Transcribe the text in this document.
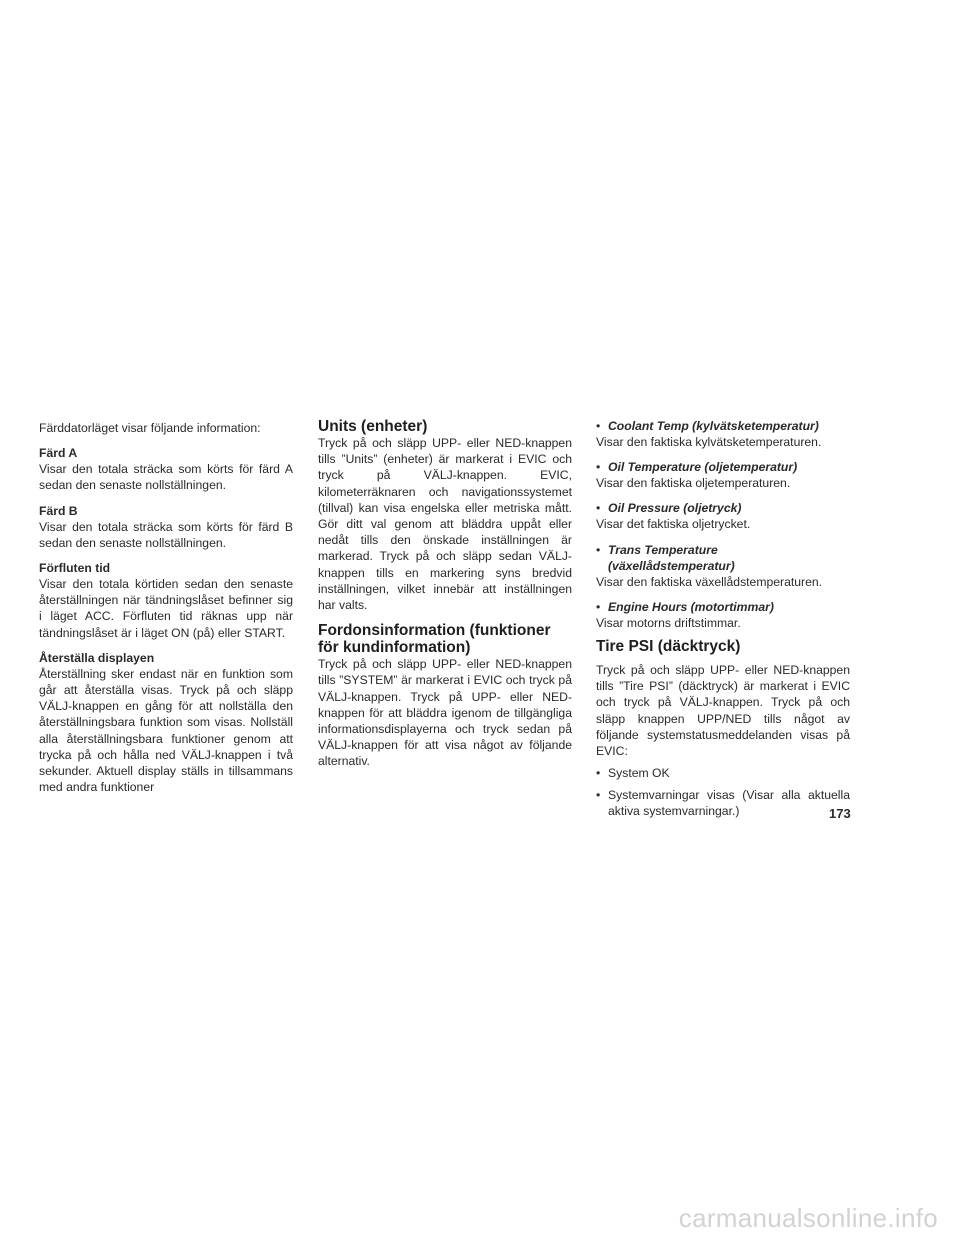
Färddatorläget visar följande information:

Färd A

Visar den totala sträcka som körts för färd A sedan den senaste nollställningen.

Färd B

Visar den totala sträcka som körts för färd B sedan den senaste nollställningen.

Förfluten tid

Visar den totala körtiden sedan den senaste återställningen när tändningslåset befinner sig i läget ACC. Förfluten tid räknas upp när tändningslåset är i läget ON (på) eller START.

Återställa displayen

Återställning sker endast när en funktion som går att återställa visas. Tryck på och släpp VÄLJ-knappen en gång för att nollställa den återställningsbara funktion som visas. Nollställ alla återställningsbara funktioner genom att trycka på och hålla ned VÄLJ-knappen i två sekunder. Aktuell display ställs in tillsammans med andra funktioner

Units (enheter)

Tryck på och släpp UPP- eller NED-knappen tills ”Units” (enheter) är markerat i EVIC och tryck på VÄLJ-knappen. EVIC, kilometerräknaren och navigationssystemet (tillval) kan visa engelska eller metriska mått. Gör ditt val genom att bläddra uppåt eller nedåt tills den önskade inställningen är markerad. Tryck på och släpp sedan VÄLJ-knappen tills en markering syns bredvid inställningen, vilket innebär att inställningen har valts.

Fordonsinformation (funktioner för kundinformation)

Tryck på och släpp UPP- eller NED-knappen tills ”SYSTEM” är markerat i EVIC och tryck på VÄLJ-knappen. Tryck på UPP- eller NED-knappen för att bläddra igenom de tillgängliga informationsdisplayerna och tryck sedan på VÄLJ-knappen för att visa något av följande alternativ.

• Coolant Temp (kylvätsketemperatur)

Visar den faktiska kylvätsketemperaturen.

• Oil Temperature (oljetemperatur)

Visar den faktiska oljetemperaturen.

• Oil Pressure (oljetryck)

Visar det faktiska oljetrycket.

• Trans Temperature
(växellådstemperatur)

Visar den faktiska växellådstemperaturen.

• Engine Hours (motortimmar)

Visar motorns driftstimmar.

Tire PSI (däcktryck)

Tryck på och släpp UPP- eller NED-knappen tills ”Tire PSI” (däcktryck) är markerat i EVIC och tryck på VÄLJ-knappen. Tryck på och släpp knappen UPP/NED tills något av följande systemstatusmeddelanden visas på EVIC:

• System OK
• Systemvarningar visas (Visar alla aktuella aktiva systemvarningar.)	173
carmanualsonline.info
